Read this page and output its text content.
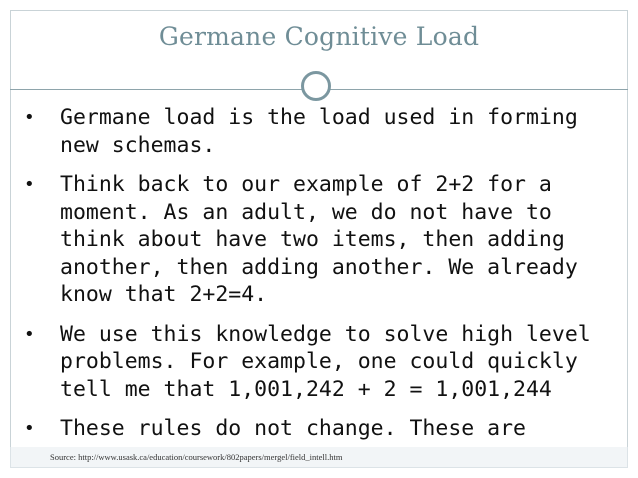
Germane Cognitive Load
• Germane load is the load used in forming new schemas.
• Think back to our example of 2+2 for a moment. As an adult, we do not have to think about have two items, then adding another, then adding another. We already know that 2+2=4.
• We use this knowledge to solve high level problems. For example, one could quickly tell me that 1,001,242 + 2 = 1,001,244
• These rules do not change. These are
Source: http://www.usask.ca/education/coursework/802papers/mergel/field_intell.htm
